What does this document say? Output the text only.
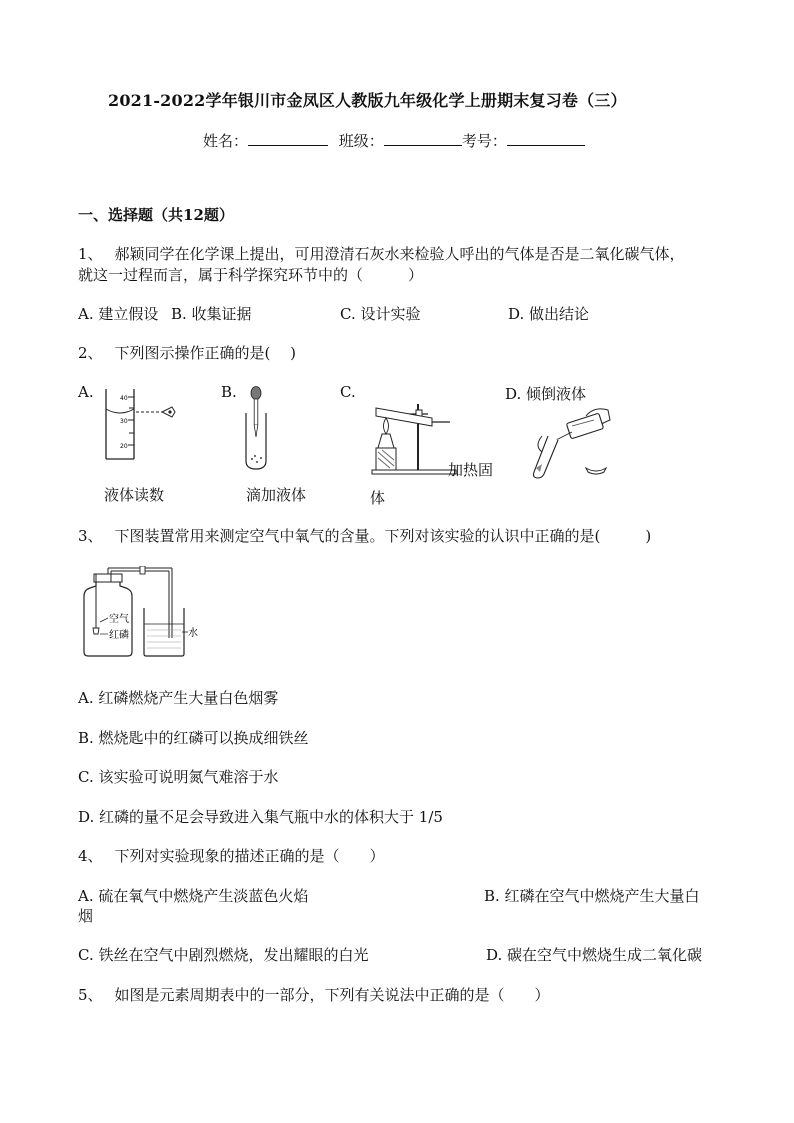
2021-2022学年银川市金凤区人教版九年级化学上册期末复习卷（三）
姓名：	班级：	考号：
一、选择题（共12题）
1、 郝颖同学在化学课上提出，可用澄清石灰水来检验人呼出的气体是否是二氧化碳气体，
就这一过程而言，属于科学探究环节中的（　　　）
A. 建立假设 B. 收集证据	C. 设计实验	D. 做出结论
2、 下列图示操作正确的是(　 )
A.	B.	C.	D. 倾倒液体
40
30
20
液体读数	滴加液体
加热固
体
3、 下图装置常用来测定空气中氧气的含量。下列对该实验的认识中正确的是(　　　)
空气
红磷	水
A. 红磷燃烧产生大量白色烟雾
B. 燃烧匙中的红磷可以换成细铁丝
C. 该实验可说明氮气难溶于水
D. 红磷的量不足会导致进入集气瓶中水的体积大于 1/5
4、 下列对实验现象的描述正确的是（　　）
A. 硫在氧气中燃烧产生淡蓝色火焰	B. 红磷在空气中燃烧产生大量白
烟
C. 铁丝在空气中剧烈燃烧，发出耀眼的白光	D. 碳在空气中燃烧生成二氧化碳
5、 如图是元素周期表中的一部分，下列有关说法中正确的是（　　）
